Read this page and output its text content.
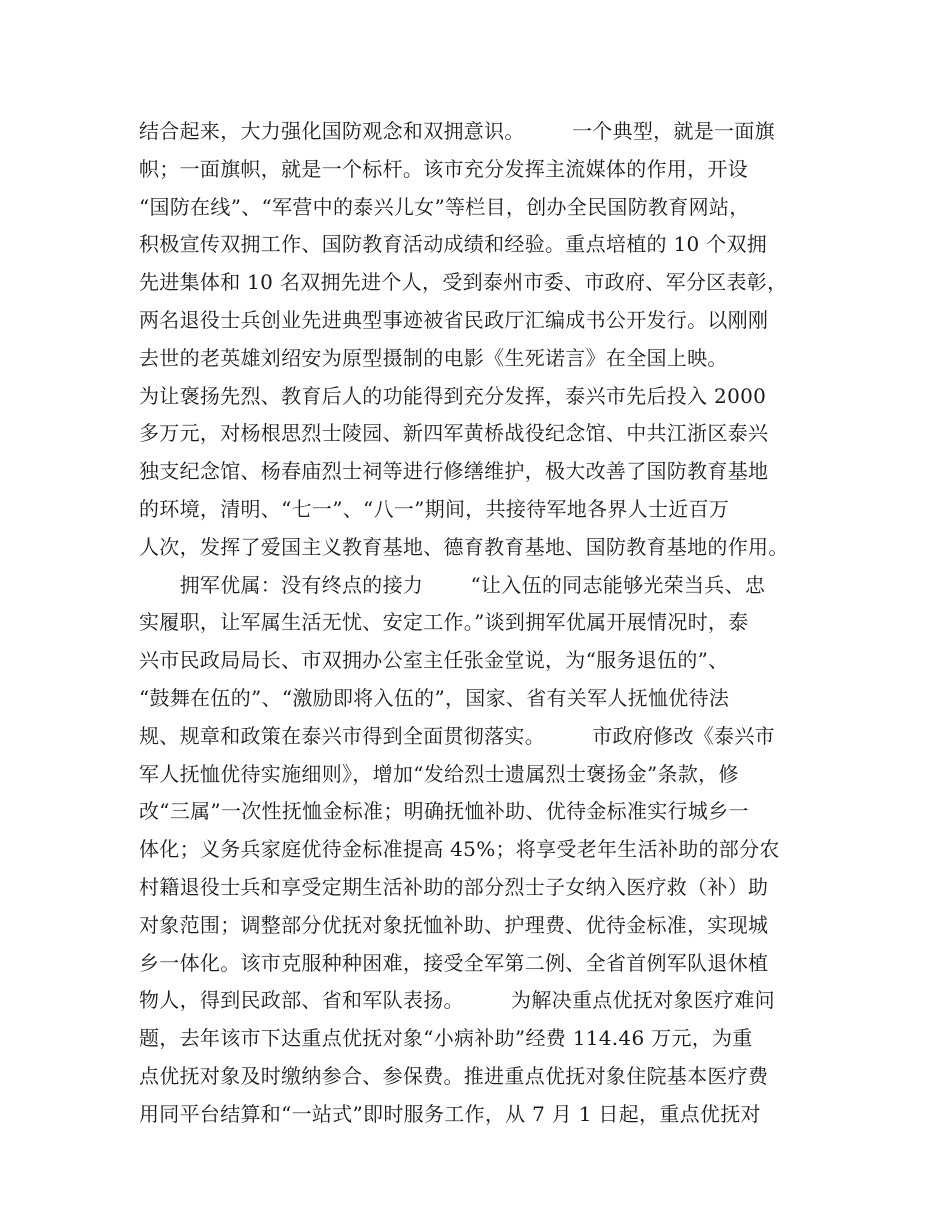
结合起来，大力强化国防观念和双拥意识。 　　一个典型，就是一面旗
帜；一面旗帜，就是一个标杆。该市充分发挥主流媒体的作用，开设
“国防在线”、“军营中的泰兴儿女”等栏目，创办全民国防教育网站，
积极宣传双拥工作、国防教育活动成绩和经验。重点培植的 10 个双拥
先进集体和 10 名双拥先进个人，受到泰州市委、市政府、军分区表彰，
两名退役士兵创业先进典型事迹被省民政厅汇编成书公开发行。以刚刚
去世的老英雄刘绍安为原型摄制的电影《生死诺言》在全国上映。 　　
为让褒扬先烈、教育后人的功能得到充分发挥，泰兴市先后投入 2000
多万元，对杨根思烈士陵园、新四军黄桥战役纪念馆、中共江浙区泰兴
独支纪念馆、杨春庙烈士祠等进行修缮维护，极大改善了国防教育基地
的环境，清明、“七一”、“八一”期间，共接待军地各界人士近百万
人次，发挥了爱国主义教育基地、德育教育基地、国防教育基地的作用。
　　拥军优属：没有终点的接力 　　“让入伍的同志能够光荣当兵、忠
实履职，让军属生活无忧、安定工作。”谈到拥军优属开展情况时，泰
兴市民政局局长、市双拥办公室主任张金堂说，为“服务退伍的”、
“鼓舞在伍的”、“激励即将入伍的”，国家、省有关军人抚恤优待法
规、规章和政策在泰兴市得到全面贯彻落实。 　　市政府修改《泰兴市
军人抚恤优待实施细则》，增加“发给烈士遗属烈士褒扬金”条款，修
改“三属”一次性抚恤金标准；明确抚恤补助、优待金标准实行城乡一
体化；义务兵家庭优待金标准提高 45%；将享受老年生活补助的部分农
村籍退役士兵和享受定期生活补助的部分烈士子女纳入医疗救（补）助
对象范围；调整部分优抚对象抚恤补助、护理费、优待金标准，实现城
乡一体化。该市克服种种困难，接受全军第二例、全省首例军队退休植
物人，得到民政部、省和军队表扬。 　　为解决重点优抚对象医疗难问
题，去年该市下达重点优抚对象“小病补助”经费 114.46 万元，为重
点优抚对象及时缴纳参合、参保费。推进重点优抚对象住院基本医疗费
用同平台结算和“一站式”即时服务工作，从 7 月 1 日起，重点优抚对
